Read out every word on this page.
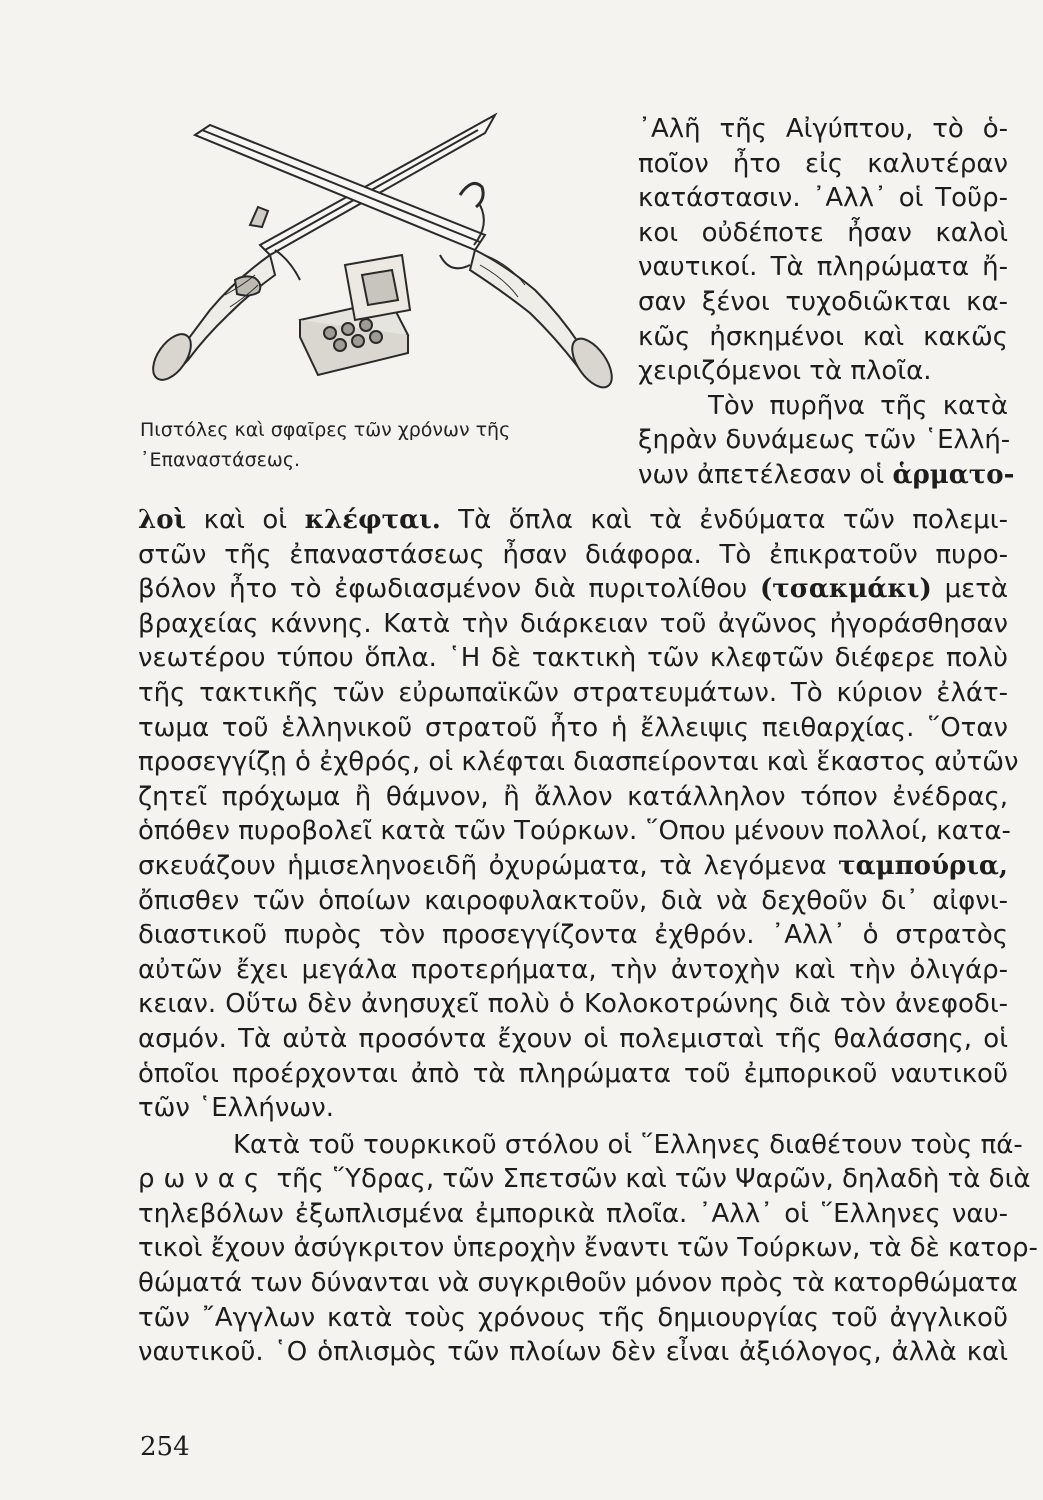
Πιστόλες καὶ σφαῖρες τῶν χρόνων τῆς
᾿Επαναστάσεως.
᾿Αλῆ τῆς Αἰγύπτου, τὸ ὁ-
ποῖον ἦτο εἰς καλυτέραν
κατάστασιν. ᾿Αλλ᾿ οἱ Τοῦρ-
κοι οὐδέποτε ἦσαν καλοὶ
ναυτικοί. Τὰ πληρώματα ἤ-
σαν ξένοι τυχοδιῶκται κα-
κῶς ἠσκημένοι καὶ κακῶς
χειριζόμενοι τὰ πλοῖα.
Τὸν πυρῆνα τῆς κατὰ
ξηρὰν δυνάμεως τῶν ῾Ελλή-
νων ἀπετέλεσαν οἱ ἁρματο-
λοὶ καὶ οἱ κλέφται. Τὰ ὅπλα καὶ τὰ ἐνδύματα τῶν πολεμι-
στῶν τῆς ἐπαναστάσεως ἦσαν διάφορα. Τὸ ἐπικρατοῦν πυρο-
βόλον ἦτο τὸ ἐφωδιασμένον διὰ πυριτολίθου (τσακμάκι) μετὰ
βραχείας κάννης. Κατὰ τὴν διάρκειαν τοῦ ἀγῶνος ἠγοράσθησαν
νεωτέρου τύπου ὅπλα. ῾Η δὲ τακτικὴ τῶν κλεφτῶν διέφερε πολὺ
τῆς τακτικῆς τῶν εὐρωπαϊκῶν στρατευμάτων. Τὸ κύριον ἐλάτ-
τωμα τοῦ ἑλληνικοῦ στρατοῦ ἦτο ἡ ἔλλειψις πειθαρχίας. ῞Οταν
προσεγγίζῃ ὁ ἐχθρός, οἱ κλέφται διασπείρονται καὶ ἕκαστος αὐτῶν
ζητεῖ πρόχωμα ἢ θάμνον, ἢ ἄλλον κατάλληλον τόπον ἐνέδρας,
ὁπόθεν πυροβολεῖ κατὰ τῶν Τούρκων. ῞Οπου μένουν πολλοί, κατα-
σκευάζουν ἡμισεληνοειδῆ ὀχυρώματα, τὰ λεγόμενα ταμπούρια,
ὄπισθεν τῶν ὁποίων καιροφυλακτοῦν, διὰ νὰ δεχθοῦν δι᾿ αἰφνι-
διαστικοῦ πυρὸς τὸν προσεγγίζοντα ἐχθρόν. ᾿Αλλ᾿ ὁ στρατὸς
αὐτῶν ἔχει μεγάλα προτερήματα, τὴν ἀντοχὴν καὶ τὴν ὀλιγάρ-
κειαν. Οὕτω δὲν ἀνησυχεῖ πολὺ ὁ Κολοκοτρώνης διὰ τὸν ἀνεφοδι-
ασμόν. Τὰ αὐτὰ προσόντα ἔχουν οἱ πολεμισταὶ τῆς θαλάσσης, οἱ
ὁποῖοι προέρχονται ἀπὸ τὰ πληρώματα τοῦ ἐμπορικοῦ ναυτικοῦ
τῶν ῾Ελλήνων.
Κατὰ τοῦ τουρκικοῦ στόλου οἱ ῞Ελληνες διαθέτουν τοὺς πά-
ρωνας τῆς ῞Υδρας, τῶν Σπετσῶν καὶ τῶν Ψαρῶν, δηλαδὴ τὰ διὰ
τηλεβόλων ἐξωπλισμένα ἐμπορικὰ πλοῖα. ᾿Αλλ᾿ οἱ ῞Ελληνες ναυ-
τικοὶ ἔχουν ἀσύγκριτον ὑπεροχὴν ἔναντι τῶν Τούρκων, τὰ δὲ κατορ-
θώματά των δύνανται νὰ συγκριθοῦν μόνον πρὸς τὰ κατορθώματα
τῶν ῎Αγγλων κατὰ τοὺς χρόνους τῆς δημιουργίας τοῦ ἀγγλικοῦ
ναυτικοῦ. ῾Ο ὁπλισμὸς τῶν πλοίων δὲν εἶναι ἀξιόλογος, ἀλλὰ καὶ
254
